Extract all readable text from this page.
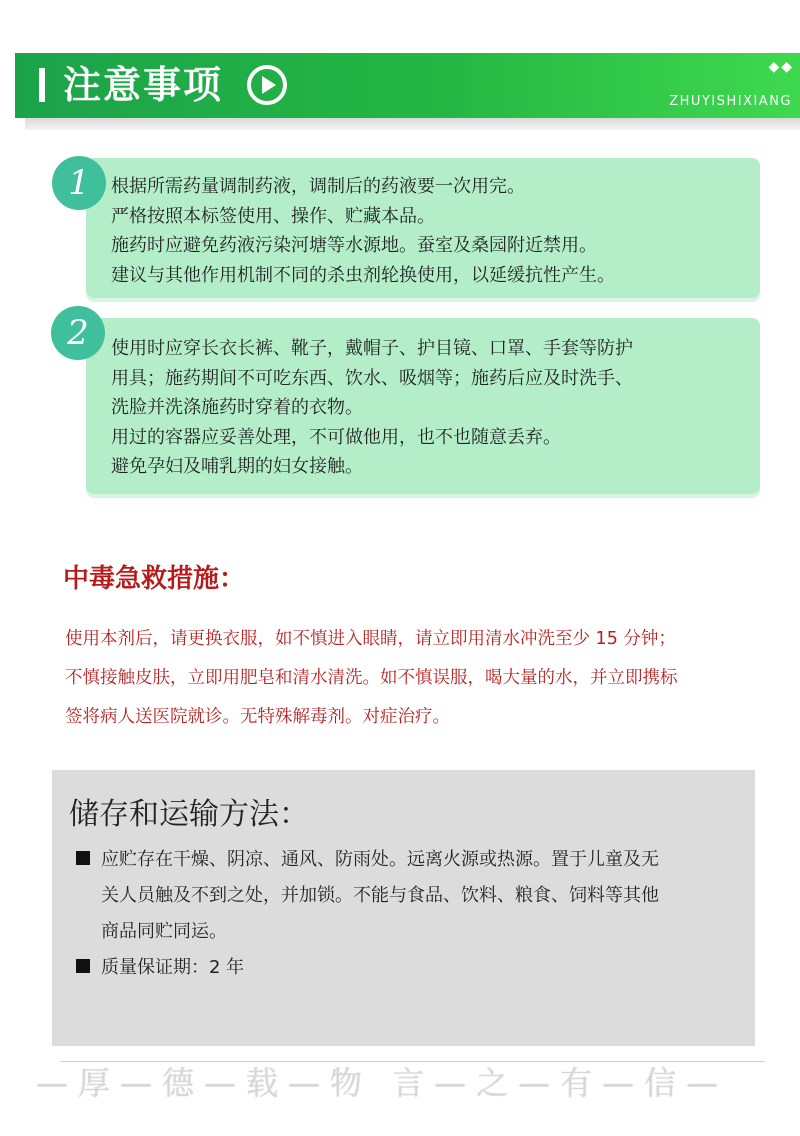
注意事项	◆◆
ZHUYISHIXIANG
根据所需药量调制药液，调制后的药液要一次用完。
严格按照本标签使用、操作、贮藏本品。
施药时应避免药液污染河塘等水源地。蚕室及桑园附近禁用。
建议与其他作用机制不同的杀虫剂轮换使用，以延缓抗性产生。
1
使用时应穿长衣长裤、靴子，戴帽子、护目镜、口罩、手套等防护
用具；施药期间不可吃东西、饮水、吸烟等；施药后应及时洗手、
洗脸并洗涤施药时穿着的衣物。
用过的容器应妥善处理，不可做他用，也不也随意丢弃。
避免孕妇及哺乳期的妇女接触。
2
中毒急救措施：
使用本剂后，请更换衣服，如不慎进入眼睛，请立即用清水冲洗至少 15 分钟；
不慎接触皮肤，立即用肥皂和清水清洗。如不慎误服，喝大量的水，并立即携标
签将病人送医院就诊。无特殊解毒剂。对症治疗。
储存和运输方法：
应贮存在干燥、阴凉、通风、防雨处。远离火源或热源。置于儿童及无
关人员触及不到之处，并加锁。不能与食品、饮料、粮食、饲料等其他
商品同贮同运。
质量保证期：2 年
—厚—德—载—物 言—之—有—信—
